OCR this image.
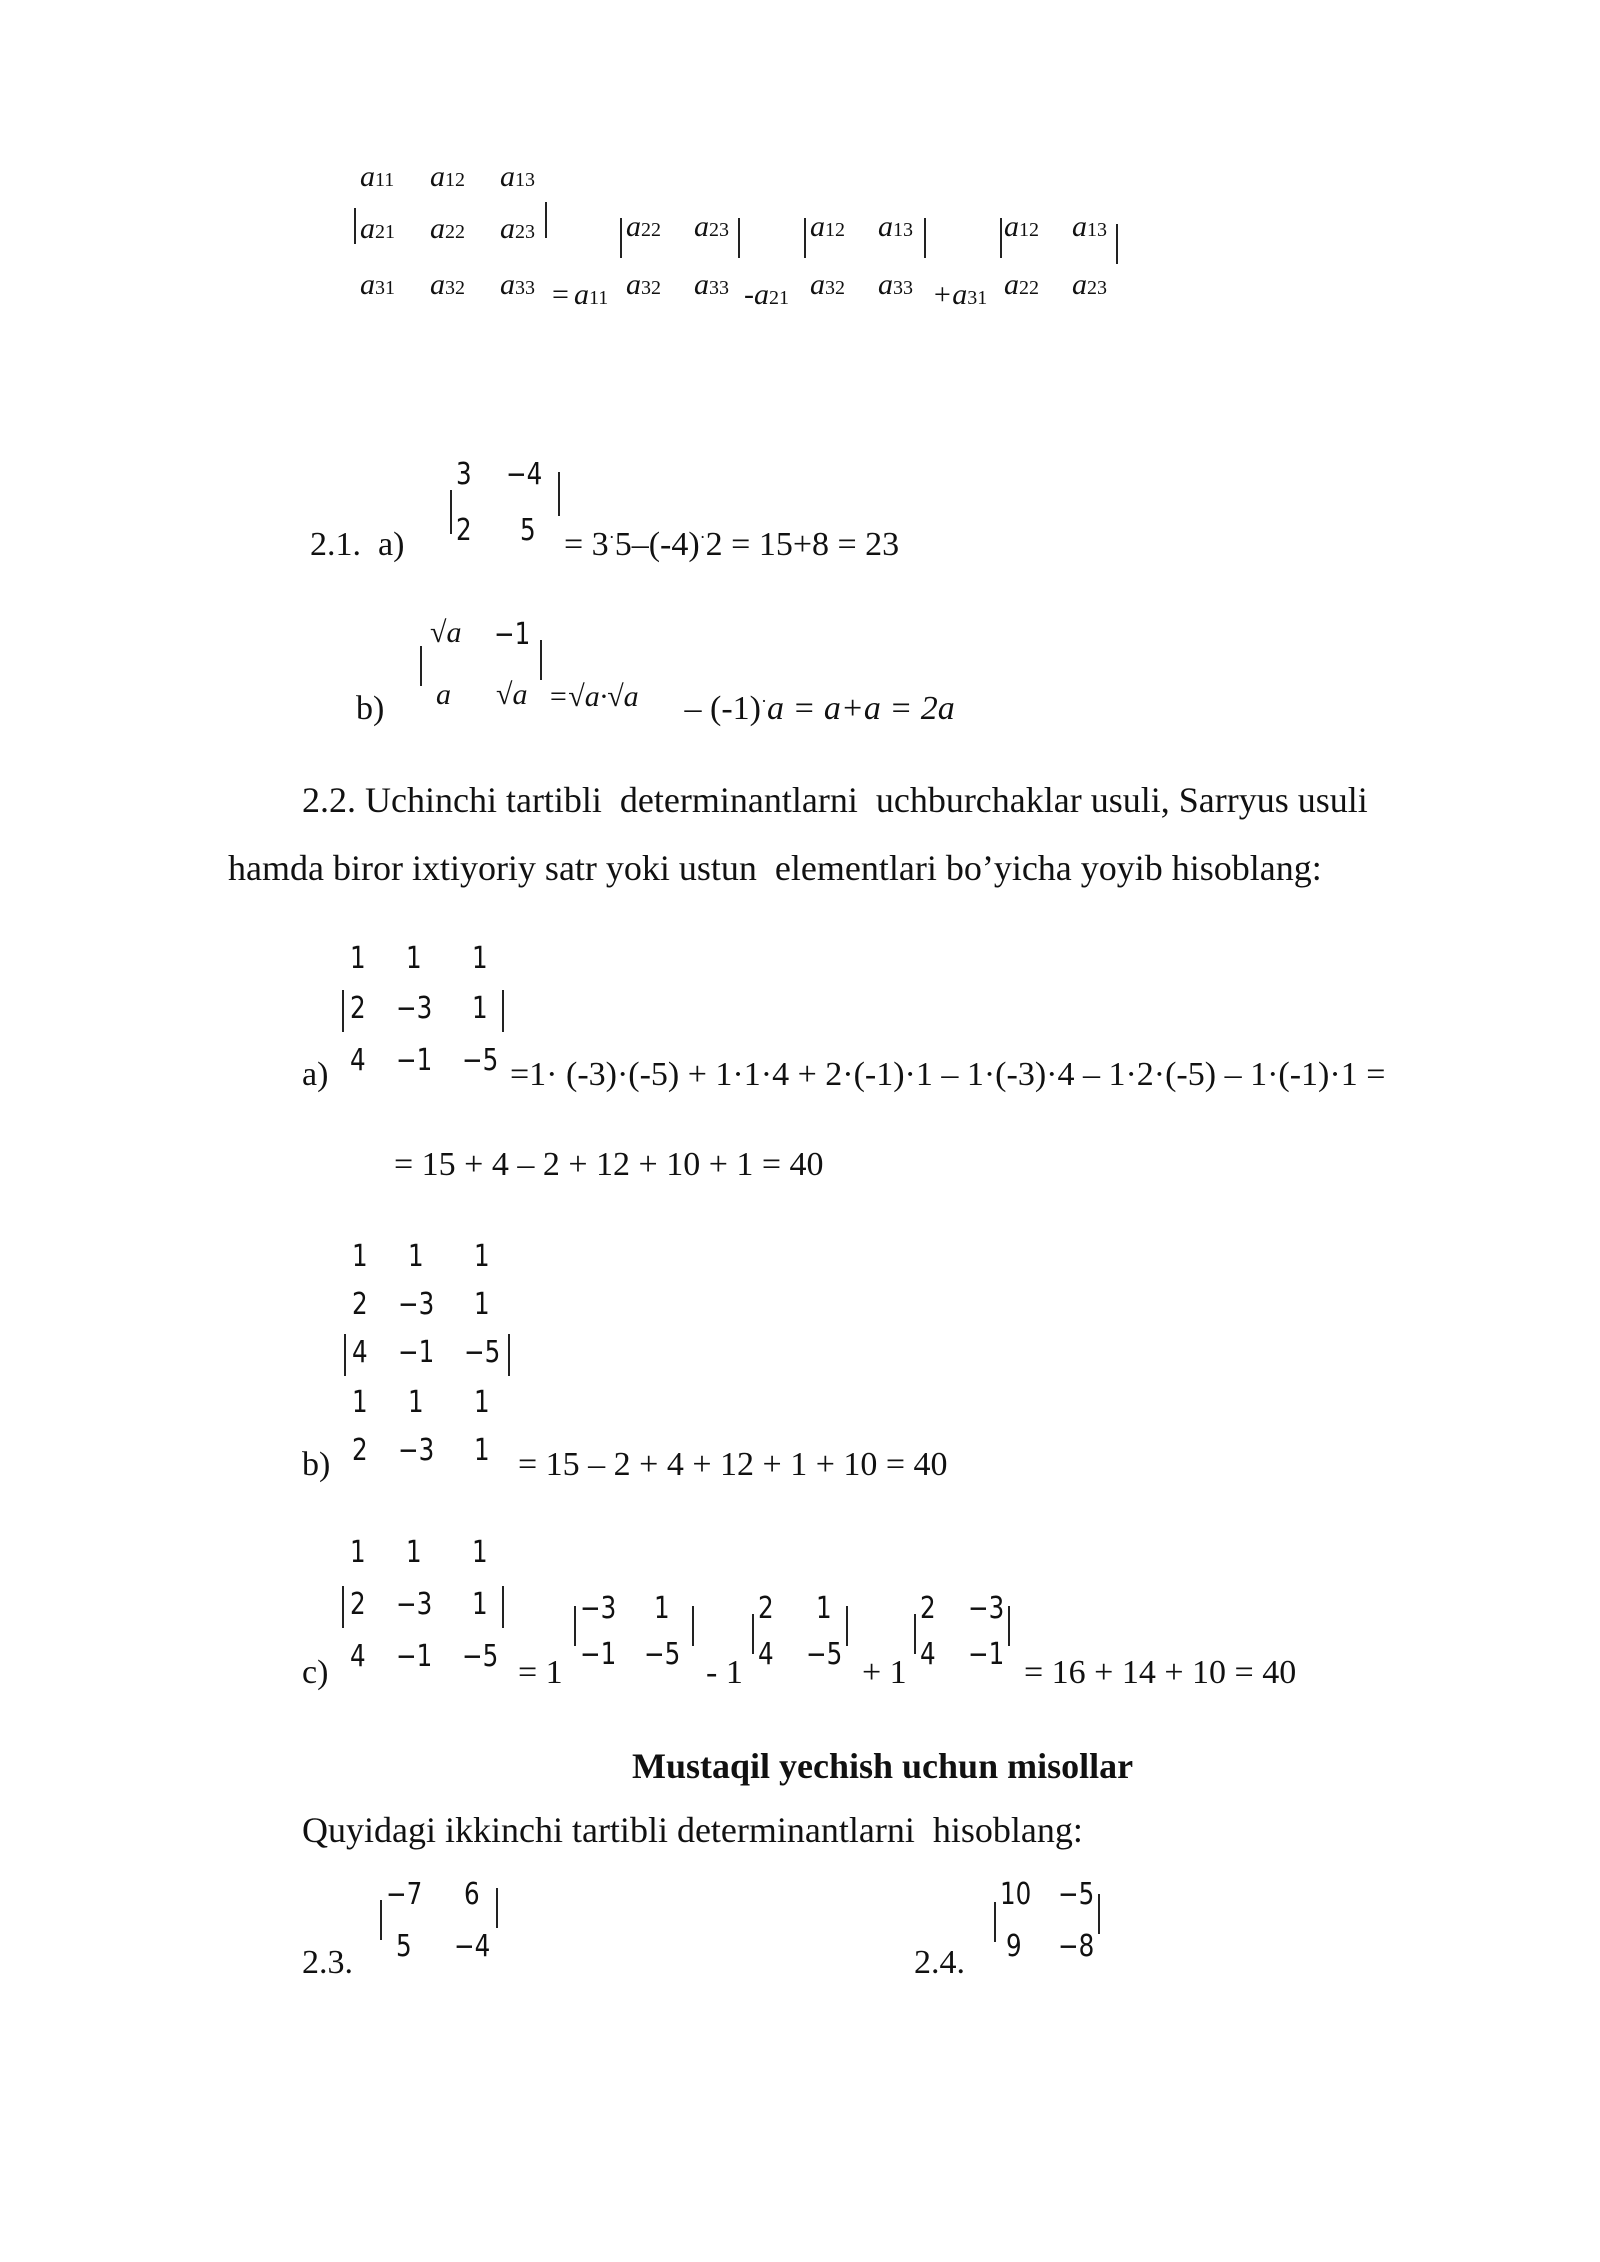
a11 a12 a13
a21 a22 a23
a31 a32 a33 = a11
a22 a23
a32 a33 -a21
a12 a13
a32 a33 +a31
a12 a13
a22 a23
2.1.  a)
3 −4
2 5 = 3·5–(-4)·2 = 15+8 = 23
b)
√a −1
a √a =√a·√a – (-1)·a = a+a = 2a
2.2. Uchinchi tartibli  determinantlarni  uchburchaklar usuli, Sarryus usuli
hamda biror ixtiyoriy satr yoki ustun  elementlari bo’yicha yoyib hisoblang:
a)
1 1 1
2 −3 1
4 −1 −5 =1· (-3)·(-5) + 1·1·4 + 2·(-1)·1 – 1·(-3)·4 – 1·2·(-5) – 1·(-1)·1 =
= 15 + 4 – 2 + 12 + 10 + 1 = 40
b)
1 1 1
2 −3 1
4 −1 −5
1 1 1
2 −3 1 = 15 – 2 + 4 + 12 + 1 + 10 = 40
c)
1 1 1
2 −3 1
4 −1 −5 = 1
−3 1
−1 −5 - 1
2 1
4 −5 + 1
2 −3
4 −1 = 16 + 14 + 10 = 40
Mustaqil yechish uchun misollar
Quyidagi ikkinchi tartibli determinantlarni  hisoblang:
2.3.
−7 6
5 −4	2.4.
10 −5
9 −8
